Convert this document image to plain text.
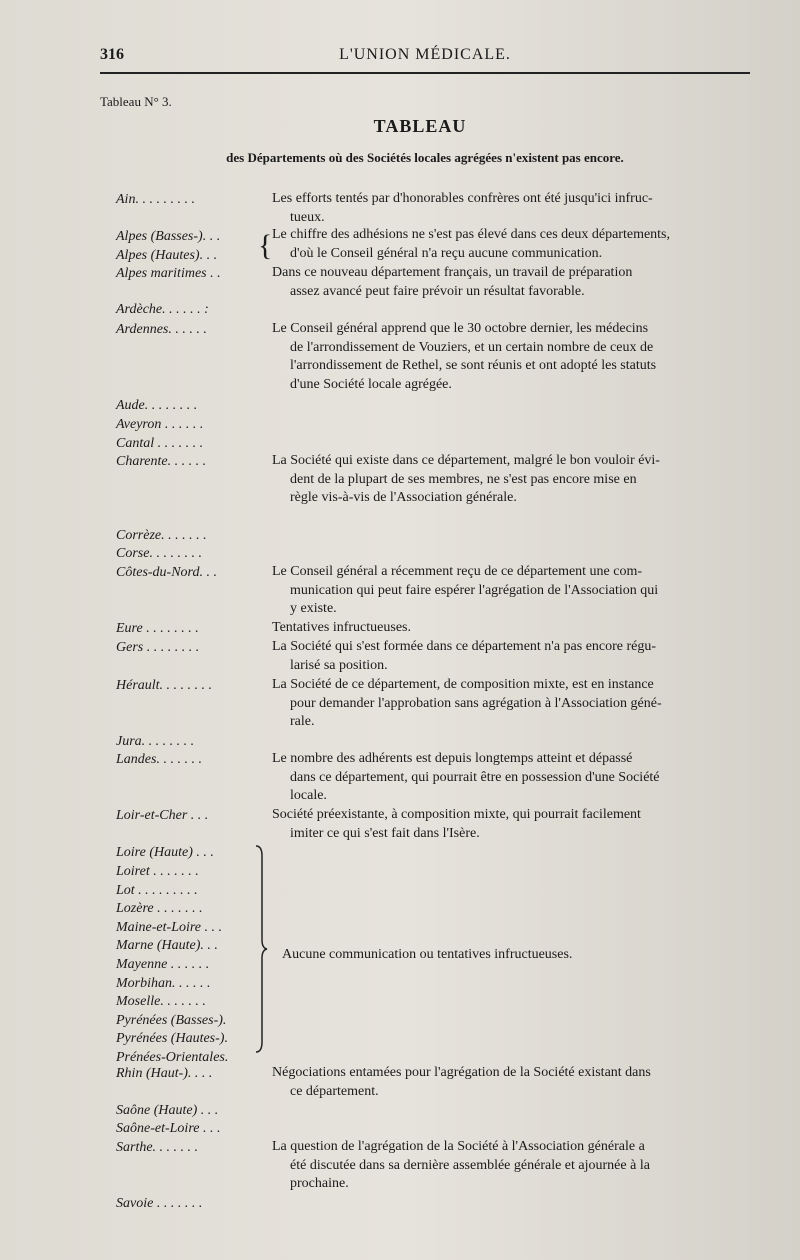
316	L'UNION MÉDICALE.
Tableau N° 3.
TABLEAU
des Départements où des Sociétés locales agrégées n'existent pas encore.
Ain. . . . . . . . .	Les efforts tentés par d'honorables confrères ont été jusqu'ici infruc-
tueux.
Alpes (Basses-). . .
Alpes (Hautes). . .	{ Le chiffre des adhésions ne s'est pas élevé dans ces deux départements,
d'où le Conseil général n'a reçu aucune communication.
Alpes maritimes . .	Dans ce nouveau département français, un travail de préparation
assez avancé peut faire prévoir un résultat favorable.
Ardèche. . . . . . :
Ardennes. . . . . .	Le Conseil général apprend que le 30 octobre dernier, les médecins
de l'arrondissement de Vouziers, et un certain nombre de ceux de
l'arrondissement de Rethel, se sont réunis et ont adopté les statuts
d'une Société locale agrégée.
Aude. . . . . . . .
Aveyron . . . . . .
Cantal . . . . . . .
Charente. . . . . .	La Société qui existe dans ce département, malgré le bon vouloir évi-
dent de la plupart de ses membres, ne s'est pas encore mise en
règle vis-à-vis de l'Association générale.
Corrèze. . . . . . .
Corse. . . . . . . .
Côtes-du-Nord. . .	Le Conseil général a récemment reçu de ce département une com-
munication qui peut faire espérer l'agrégation de l'Association qui
y existe.
Eure . . . . . . . .	Tentatives infructueuses.
Gers . . . . . . . .	La Société qui s'est formée dans ce département n'a pas encore régu-
larisé sa position.
Hérault. . . . . . . .	La Société de ce département, de composition mixte, est en instance
pour demander l'approbation sans agrégation à l'Association géné-
rale.
Jura. . . . . . . .
Landes. . . . . . .	Le nombre des adhérents est depuis longtemps atteint et dépassé
dans ce département, qui pourrait être en possession d'une Société
locale.
Loir-et-Cher . . .	Société préexistante, à composition mixte, qui pourrait facilement
imiter ce qui s'est fait dans l'Isère.
Loire (Haute) . . .
Loiret . . . . . . .
Lot . . . . . . . . .
Lozère . . . . . . .
Maine-et-Loire . . .
Marne (Haute). . .
Mayenne . . . . . .
Morbihan. . . . . .
Moselle. . . . . . .
Pyrénées (Basses-).
Pyrénées (Hautes-).
Prénées-Orientales.
Aucune communication ou tentatives infructueuses.
Rhin (Haut-). . . .	Négociations entamées pour l'agrégation de la Société existant dans
ce département.
Saône (Haute) . . .
Saône-et-Loire . . .
Sarthe. . . . . . .	La question de l'agrégation de la Société à l'Association générale a
été discutée dans sa dernière assemblée générale et ajournée à la
prochaine.
Savoie . . . . . . .
